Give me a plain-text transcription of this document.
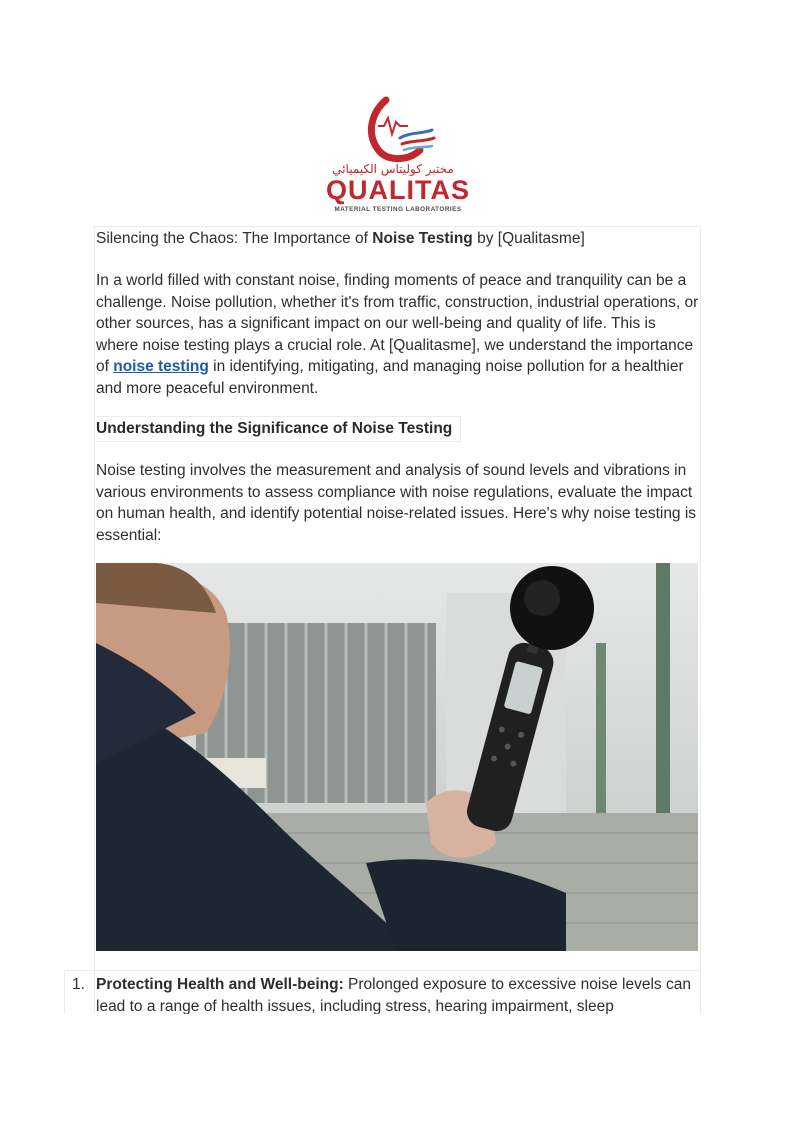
مختبر كوليتاس الكيميائي
QUALITAS
MATERIAL TESTING LABORATORIES
Silencing the Chaos: The Importance of Noise Testing by [Qualitasme]
In a world filled with constant noise, finding moments of peace and tranquility can be a challenge. Noise pollution, whether it's from traffic, construction, industrial operations, or other sources, has a significant impact on our well-being and quality of life. This is where noise testing plays a crucial role. At [Qualitasme], we understand the importance of noise testing in identifying, mitigating, and managing noise pollution for a healthier and more peaceful environment.
Understanding the Significance of Noise Testing
Noise testing involves the measurement and analysis of sound levels and vibrations in various environments to assess compliance with noise regulations, evaluate the impact on human health, and identify potential noise-related issues. Here's why noise testing is essential:
1. Protecting Health and Well-being: Prolonged exposure to excessive noise levels can lead to a range of health issues, including stress, hearing impairment, sleep
